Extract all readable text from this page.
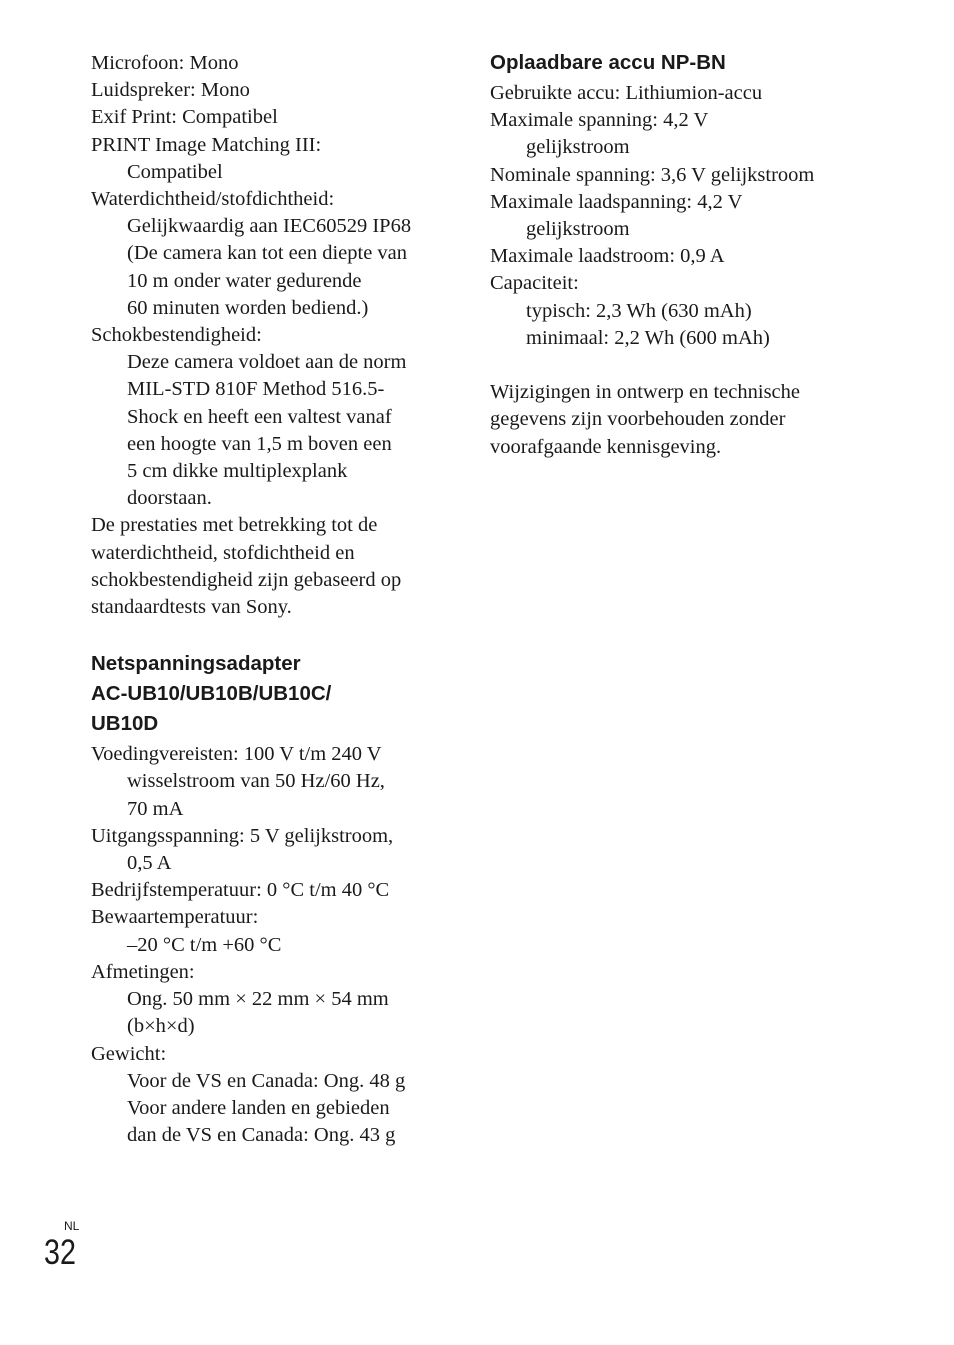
Microfoon: Mono
Luidspreker: Mono
Exif Print: Compatibel
PRINT Image Matching III:
Compatibel
Waterdichtheid/stofdichtheid:
Gelijkwaardig aan IEC60529 IP68
(De camera kan tot een diepte van
10 m onder water gedurende
60 minuten worden bediend.)
Schokbestendigheid:
Deze camera voldoet aan de norm
MIL-STD 810F Method 516.5-
Shock en heeft een valtest vanaf
een hoogte van 1,5 m boven een
5 cm dikke multiplexplank
doorstaan.
De prestaties met betrekking tot de
waterdichtheid, stofdichtheid en
schokbestendigheid zijn gebaseerd op
standaardtests van Sony.
Netspanningsadapter
AC-UB10/UB10B/UB10C/
UB10D
Voedingvereisten: 100 V t/m 240 V
wisselstroom van 50 Hz/60 Hz,
70 mA
Uitgangsspanning: 5 V gelijkstroom,
0,5 A
Bedrijfstemperatuur: 0 °C t/m 40 °C
Bewaartemperatuur:
–20 °C t/m +60 °C
Afmetingen:
Ong. 50 mm × 22 mm × 54 mm
(b×h×d)
Gewicht:
Voor de VS en Canada: Ong. 48 g
Voor andere landen en gebieden
dan de VS en Canada: Ong. 43 g
Oplaadbare accu NP-BN
Gebruikte accu: Lithiumion-accu
Maximale spanning: 4,2 V
gelijkstroom
Nominale spanning: 3,6 V gelijkstroom
Maximale laadspanning: 4,2 V
gelijkstroom
Maximale laadstroom: 0,9 A
Capaciteit:
typisch: 2,3 Wh (630 mAh)
minimaal: 2,2 Wh (600 mAh)
Wijzigingen in ontwerp en technische
gegevens zijn voorbehouden zonder
voorafgaande kennisgeving.
NL
32
